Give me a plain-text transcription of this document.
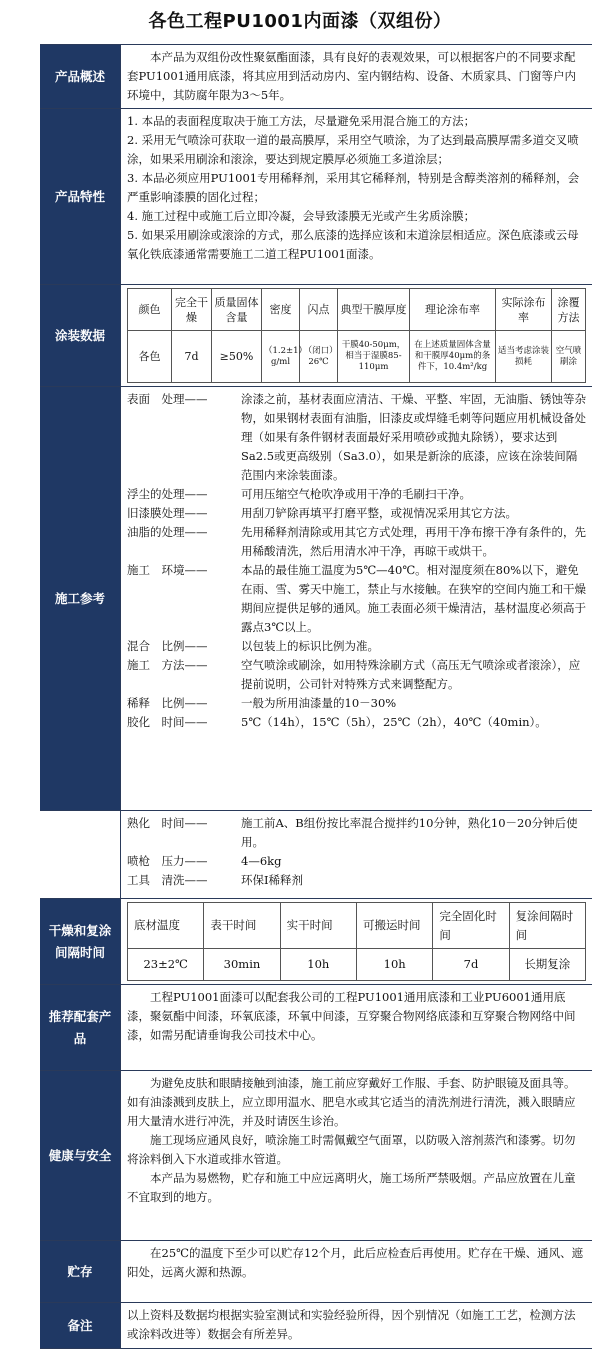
各色工程PU1001内面漆（双组份）
产品概述	

本产品为双组份改性聚氨酯面漆，具有良好的表观效果，可以根据客户的不同要求配套PU1001通用底漆，将其应用到活动房内、室内钢结构、设备、木质家具、门窗等户内环境中，其防腐年限为3～5年。

产品特性	

1. 本品的表面程度取决于施工方法，尽量避免采用混合施工的方法；

2. 采用无气喷涂可获取一道的最高膜厚，采用空气喷涂，为了达到最高膜厚需多道交叉喷涂，如果采用刷涂和滚涂，要达到规定膜厚必须施工多道涂层；

3. 本品必须应用PU1001专用稀释剂，采用其它稀释剂，特别是含醇类溶剂的稀释剂，会严重影响漆膜的固化过程；

4. 施工过程中或施工后立即冷凝，会导致漆膜无光或产生劣质涂膜；

5. 如果采用刷涂或滚涂的方式，那么底漆的选择应该和末道涂层相适应。深色底漆或云母氧化铁底漆通常需要施工二道工程PU1001面漆。

涂装数据	
颜色	完全干燥	质量固体含量	密度	闪点	典型干膜厚度	理论涂布率	实际涂布率	涂覆方法
各色	7d	≥50%	（1.2±1）g/ml	（闭口）26℃	干膜40-50μm，相当于湿膜85-110μm	在上述质量固体含量和干膜厚40μm的条件下，10.4m²/kg	适当考虑涂装损耗	空气喷刷涂

施工参考	
表面　处理——	涂漆之前，基材表面应清洁、干燥、平整、牢固，无油脂、锈蚀等杂物，如果钢材表面有油脂，旧漆皮或焊缝毛刺等问题应用机械设备处理（如果有条件钢材表面最好采用喷砂或抛丸除锈），要求达到Sa2.5或更高级别（Sa3.0），如果是新涂的底漆，应该在涂装间隔范围内来涂装面漆。
浮尘的处理——	可用压缩空气枪吹净或用干净的毛刷扫干净。
旧漆膜处理——	用刮刀铲除再填平打磨平整，或视情况采用其它方法。
油脂的处理——	先用稀释剂清除或用其它方式处理，再用干净布擦干净有条件的，先用稀酸清洗，然后用清水冲干净，再晾干或烘干。
施工　环境——	本品的最佳施工温度为5℃—40℃。相对湿度须在80%以下，避免在雨、雪、雾天中施工，禁止与水接触。在狭窄的空间内施工和干燥期间应提供足够的通风。施工表面必须干燥清洁，基材温度必须高于露点3℃以上。
混合　比例——	以包装上的标识比例为准。
施工　方法——	空气喷涂或刷涂，如用特殊涂刷方式（高压无气喷涂或者滚涂），应提前说明，公司针对特殊方式来调整配方。
稀释　比例——	一般为所用油漆量的10－30%
胶化　时间——	5℃（14h），15℃（5h），25℃（2h），40℃（40min）。

熟化　时间——	施工前A、B组份按比率混合搅拌约10分钟，熟化10－20分钟后使用。
喷枪　压力——	4—6kg
工具　清洗——	环保Ⅰ稀释剂

干燥和复涂间隔时间	
底材温度	表干时间	实干时间	可搬运时间	完全固化时间	复涂间隔时间
23±2℃	30min	10h	10h	7d	长期复涂

推荐配套产品	

工程PU1001面漆可以配套我公司的工程PU1001通用底漆和工业PU6001通用底漆，聚氨酯中间漆，环氧底漆，环氧中间漆，互穿聚合物网络底漆和互穿聚合物网络中间漆，如需另配请垂询我公司技术中心。

健康与安全	

为避免皮肤和眼睛接触到油漆，施工前应穿戴好工作服、手套、防护眼镜及面具等。如有油漆溅到皮肤上，应立即用温水、肥皂水或其它适当的清洗剂进行清洗，溅入眼睛应用大量清水进行冲洗，并及时请医生诊治。

施工现场应通风良好，喷涂施工时需佩戴空气面罩，以防吸入溶剂蒸汽和漆雾。切勿将涂料倒入下水道或排水管道。

本产品为易燃物，贮存和施工中应远离明火，施工场所严禁吸烟。产品应放置在儿童不宜取到的地方。

贮存	

在25℃的温度下至少可以贮存12个月，此后应检查后再使用。贮存在干燥、通风、遮阳处，远离火源和热源。

备注	

以上资料及数据均根据实验室测试和实验经验所得，因个别情况（如施工工艺，检测方法或涂料改进等）数据会有所差异。
